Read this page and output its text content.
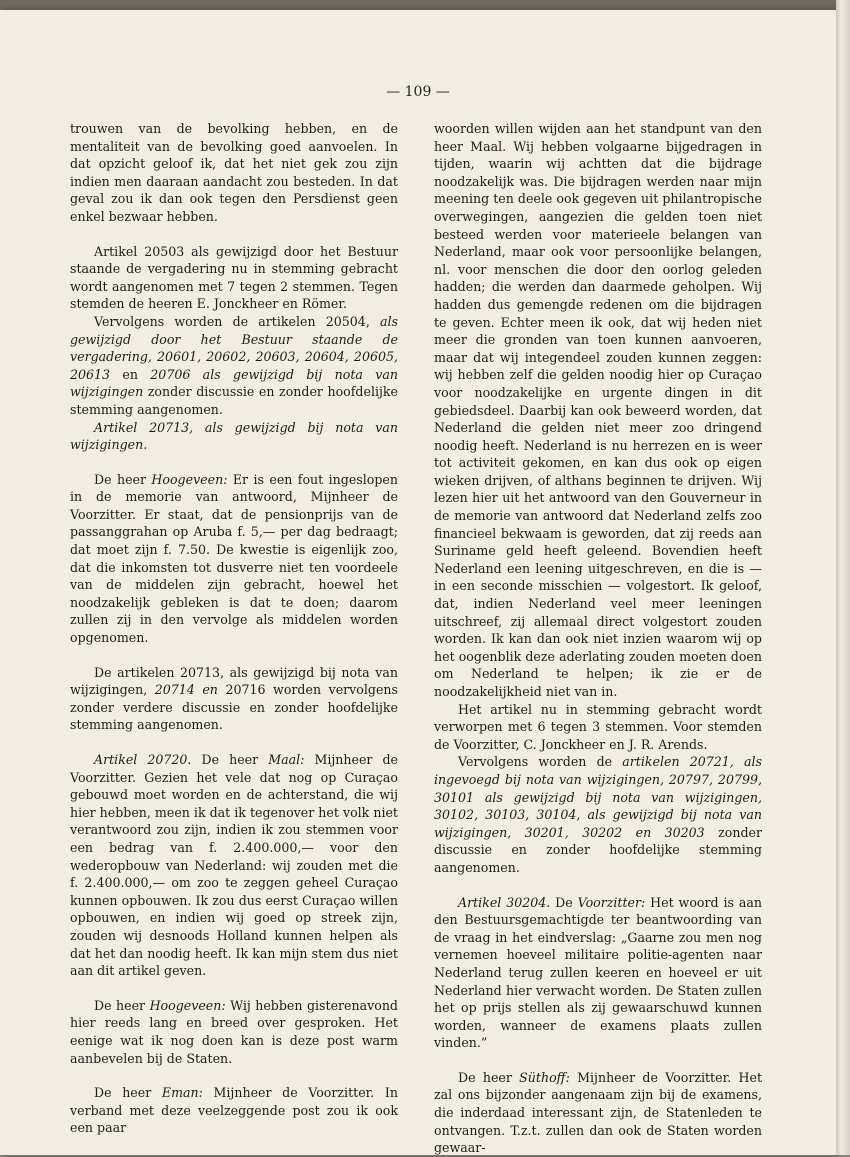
— 109 —

trouwen van de bevolking hebben, en de mentaliteit van de bevolking goed aanvoelen. In dat opzicht geloof ik, dat het niet gek zou zijn indien men daaraan aandacht zou besteden. In dat geval zou ik dan ook tegen den Persdienst geen enkel bezwaar hebben.

Artikel 20503 als gewijzigd door het Bestuur staande de vergadering nu in stemming gebracht wordt aangenomen met 7 tegen 2 stemmen. Tegen stemden de heeren E. Jonckheer en Römer.

Vervolgens worden de artikelen 20504, als gewijzigd door het Bestuur staande de vergadering, 20601, 20602, 20603, 20604, 20605, 20613 en 20706 als gewijzigd bij nota van wijzigingen zonder discussie en zonder hoofdelijke stemming aangenomen.

Artikel 20713, als gewijzigd bij nota van wijzigingen.

De heer Hoogeveen: Er is een fout ingeslopen in de memorie van antwoord, Mijnheer de Voorzitter. Er staat, dat de pensionprijs van de passanggrahan op Aruba f. 5,— per dag bedraagt; dat moet zijn f. 7.50. De kwestie is eigenlijk zoo, dat die inkomsten tot dusverre niet ten voordeele van de middelen zijn gebracht, hoewel het noodzakelijk gebleken is dat te doen; daarom zullen zij in den vervolge als middelen worden opgenomen.

De artikelen 20713, als gewijzigd bij nota van wijzigingen, 20714 en 20716 worden vervolgens zonder verdere discussie en zonder hoofdelijke stemming aangenomen.

Artikel 20720. De heer Maal: Mijnheer de Voorzitter. Gezien het vele dat nog op Curaçao gebouwd moet worden en de achterstand, die wij hier hebben, meen ik dat ik tegenover het volk niet verantwoord zou zijn, indien ik zou stemmen voor een bedrag van f. 2.400.000,— voor den wederopbouw van Nederland: wij zouden met die f. 2.400.000,— om zoo te zeggen geheel Curaçao kunnen opbouwen. Ik zou dus eerst Curaçao willen opbouwen, en indien wij goed op streek zijn, zouden wij desnoods Holland kunnen helpen als dat het dan noodig heeft. Ik kan mijn stem dus niet aan dit artikel geven.

De heer Hoogeveen: Wij hebben gisterenavond hier reeds lang en breed over gesproken. Het eenige wat ik nog doen kan is deze post warm aanbevelen bij de Staten.

De heer Eman: Mijnheer de Voorzitter. In verband met deze veelzeggende post zou ik ook een paar

woorden willen wijden aan het standpunt van den heer Maal. Wij hebben volgaarne bijgedragen in tijden, waarin wij achtten dat die bijdrage noodzakelijk was. Die bijdragen werden naar mijn meening ten deele ook gegeven uit philantropische overwegingen, aangezien die gelden toen niet besteed werden voor materieele belangen van Nederland, maar ook voor persoonlijke belangen, nl. voor menschen die door den oorlog geleden hadden; die werden dan daarmede geholpen. Wij hadden dus gemengde redenen om die bijdragen te geven. Echter meen ik ook, dat wij heden niet meer die gronden van toen kunnen aanvoeren, maar dat wij integendeel zouden kunnen zeggen: wij hebben zelf die gelden noodig hier op Curaçao voor noodzakelijke en urgente dingen in dit gebiedsdeel. Daarbij kan ook beweerd worden, dat Nederland die gelden niet meer zoo dringend noodig heeft. Nederland is nu herrezen en is weer tot activiteit gekomen, en kan dus ook op eigen wieken drijven, of althans beginnen te drijven. Wij lezen hier uit het antwoord van den Gouverneur in de memorie van antwoord dat Nederland zelfs zoo financieel bekwaam is geworden, dat zij reeds aan Suriname geld heeft geleend. Bovendien heeft Nederland een leening uitgeschreven, en die is — in een seconde misschien — volgestort. Ik geloof, dat, indien Nederland veel meer leeningen uitschreef, zij allemaal direct volgestort zouden worden. Ik kan dan ook niet inzien waarom wij op het oogenblik deze aderlating zouden moeten doen om Nederland te helpen; ik zie er de noodzakelijkheid niet van in.

Het artikel nu in stemming gebracht wordt verworpen met 6 tegen 3 stemmen. Voor stemden de Voorzitter, C. Jonckheer en J. R. Arends.

Vervolgens worden de artikelen 20721, als ingevoegd bij nota van wijzigingen, 20797, 20799, 30101 als gewijzigd bij nota van wijzigingen, 30102, 30103, 30104, als gewijzigd bij nota van wijzigingen, 30201, 30202 en 30203 zonder discussie en zonder hoofdelijke stemming aangenomen.

Artikel 30204. De Voorzitter: Het woord is aan den Bestuursgemachtigde ter beantwoording van de vraag in het eindverslag: „Gaarne zou men nog vernemen hoeveel militaire politie-agenten naar Nederland terug zullen keeren en hoeveel er uit Nederland hier verwacht worden. De Staten zullen het op prijs stellen als zij gewaarschuwd kunnen worden, wanneer de examens plaats zullen vinden.”

De heer Süthoff: Mijnheer de Voorzitter. Het zal ons bijzonder aangenaam zijn bij de examens, die inderdaad interessant zijn, de Statenleden te ontvangen. T.z.t. zullen dan ook de Staten worden gewaar-
